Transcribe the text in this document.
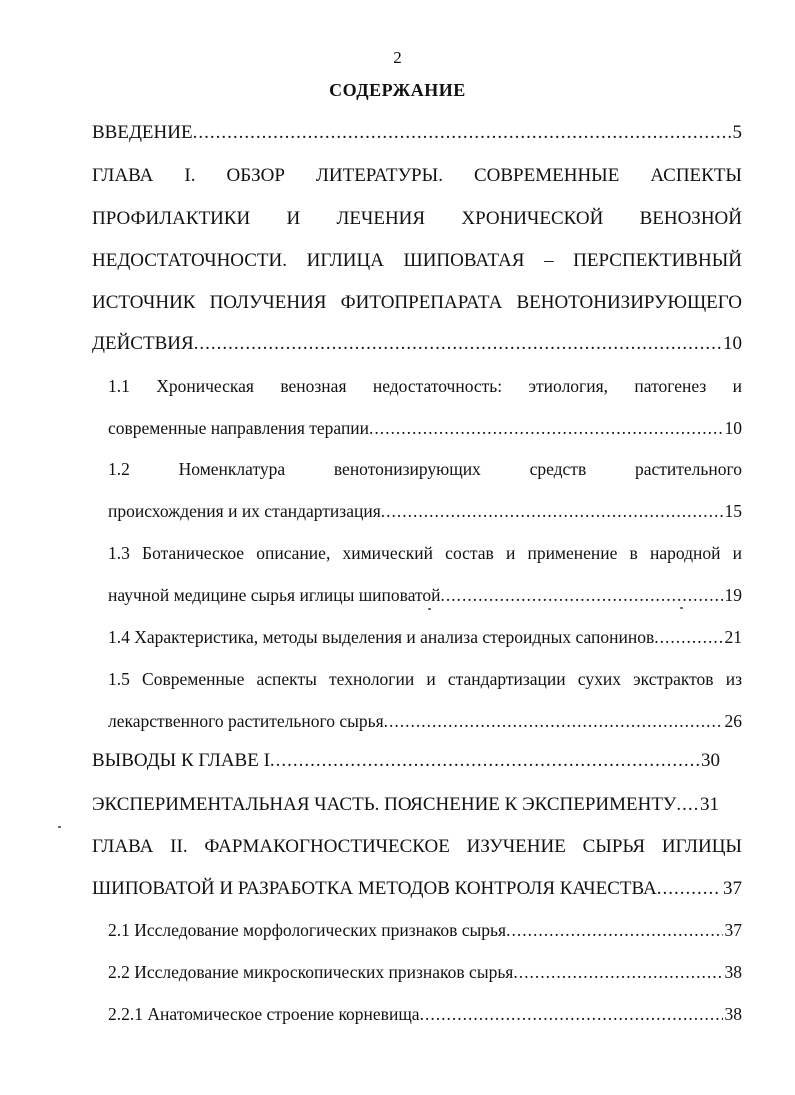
2
СОДЕРЖАНИЕ
ВВЕДЕНИЕ .....	5
ГЛАВА I. ОБЗОР ЛИТЕРАТУРЫ. СОВРЕМЕННЫЕ АСПЕКТЫ
ПРОФИЛАКТИКИ И ЛЕЧЕНИЯ ХРОНИЧЕСКОЙ ВЕНОЗНОЙ
НЕДОСТАТОЧНОСТИ. ИГЛИЦА ШИПОВАТАЯ – ПЕРСПЕКТИВНЫЙ
ИСТОЧНИК ПОЛУЧЕНИЯ ФИТОПРЕПАРАТА ВЕНОТОНИЗИРУЮЩЕГО
ДЕЙСТВИЯ .....	10
1.1 Хроническая венозная недостаточность: этиология, патогенез и
современные направления терапии .....	10
1.2 Номенклатура венотонизирующих средств растительного
происхождения и их стандартизация .....	15
1.3 Ботаническое описание, химический состав и применение в народной и
научной медицине сырья иглицы шиповатой .....	19
1.4 Характеристика, методы выделения и анализа стероидных сапонинов .....	21
1.5 Современные аспекты технологии и стандартизации сухих экстрактов из
лекарственного растительного сырья .....	26
ВЫВОДЫ К ГЛАВЕ I .....	30
ЭКСПЕРИМЕНТАЛЬНАЯ ЧАСТЬ. ПОЯСНЕНИЕ К ЭКСПЕРИМЕНТУ ..... 31
ГЛАВА II. ФАРМАКОГНОСТИЧЕСКОЕ ИЗУЧЕНИЕ СЫРЬЯ ИГЛИЦЫ
ШИПОВАТОЙ И РАЗРАБОТКА МЕТОДОВ КОНТРОЛЯ КАЧЕСТВА .....	37
2.1 Исследование морфологических признаков сырья .....	37
2.2 Исследование микроскопических признаков сырья .....	38
2.2.1 Анатомическое строение корневища .....	38
